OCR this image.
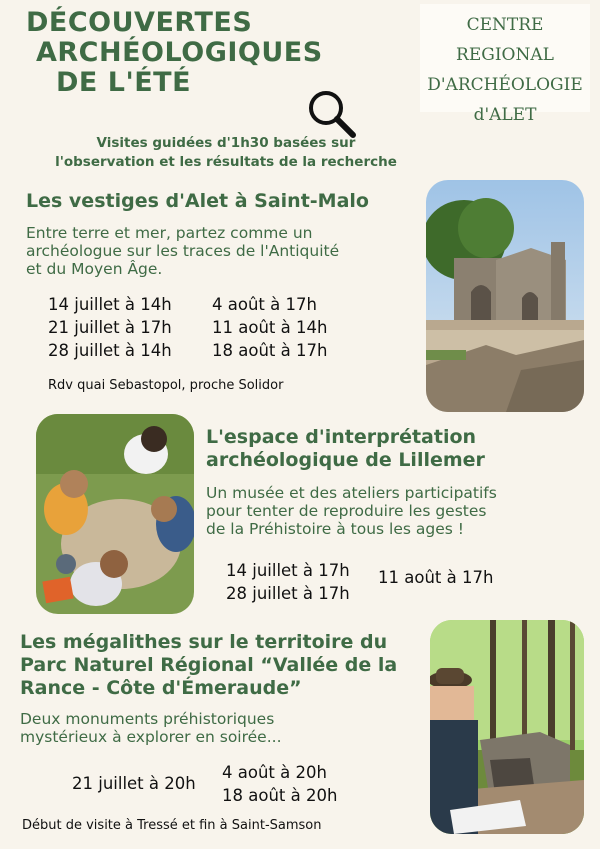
DÉCOUVERTES
ARCHÉOLOGIQUES
DE L'ÉTÉ
CENTRE REGIONAL
D'ARCHÉOLOGIE
d'ALET
Visites guidées d'1h30 basées sur
l'observation et les résultats de la recherche
Les vestiges d'Alet à Saint-Malo
Entre terre et mer, partez comme un
archéologue sur les traces de l'Antiquité
et du Moyen Âge.
14 juillet à 14h
21 juillet à 17h
28 juillet à 14h
4 août à 17h
11 août à 14h
18 août à 17h
Rdv quai Sebastopol, proche Solidor
L'espace d'interprétation
archéologique de Lillemer
Un musée et des ateliers participatifs
pour tenter de reproduire les gestes
de la Préhistoire à tous les ages !
14 juillet à 17h
28 juillet à 17h
11 août à 17h
Les mégalithes sur le territoire du
Parc Naturel Régional “Vallée de la
Rance - Côte d'Émeraude”
Deux monuments préhistoriques
mystérieux à explorer en soirée...
21 juillet à 20h
4 août à 20h
18 août à 20h
Début de visite à Tressé et fin à Saint-Samson
